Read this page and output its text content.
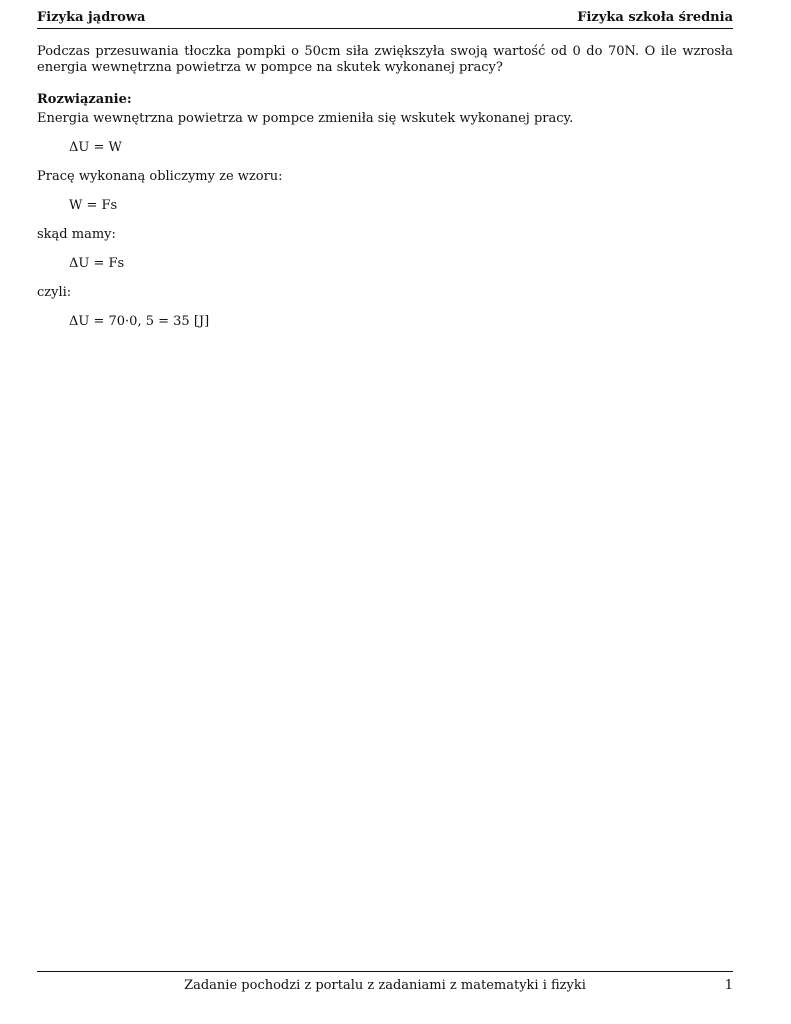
Fizyka jądrowa	Fizyka szkoła średnia

Podczas przesuwania tłoczka pompki o 50cm siła zwiększyła swoją wartość od 0 do 70N. O ile wzrosła energia wewnętrzna powietrza w pompce na skutek wykonanej pracy?

Rozwiązanie:

Energia wewnętrzna powietrza w pompce zmieniła się wskutek wykonanej pracy.

ΔU = W

Pracę wykonaną obliczymy ze wzoru:

W = Fs

skąd mamy:

ΔU = Fs

czyli:

ΔU = 70·0, 5 = 35 [J]

Zadanie pochodzi z portalu z zadaniami z matematyki i fizyki	1
